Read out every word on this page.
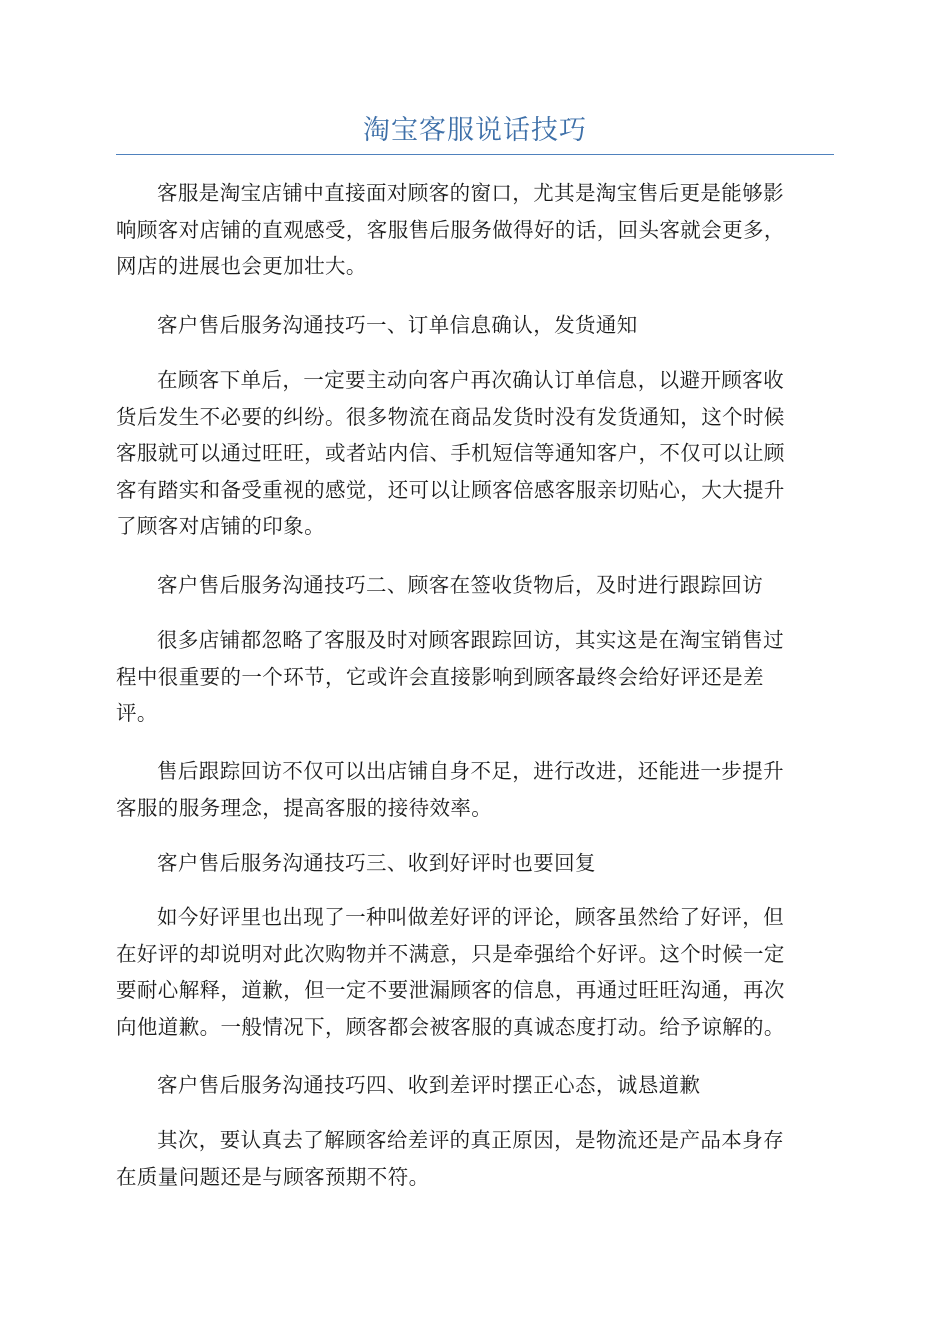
淘宝客服说话技巧

客服是淘宝店铺中直接面对顾客的窗口，尤其是淘宝售后更是能够影
响顾客对店铺的直观感受，客服售后服务做得好的话，回头客就会更多，
网店的进展也会更加壮大。

客户售后服务沟通技巧一、订单信息确认，发货通知

在顾客下单后，一定要主动向客户再次确认订单信息，以避开顾客收
货后发生不必要的纠纷。很多物流在商品发货时没有发货通知，这个时候
客服就可以通过旺旺，或者站内信、手机短信等通知客户，不仅可以让顾
客有踏实和备受重视的感觉，还可以让顾客倍感客服亲切贴心，大大提升
了顾客对店铺的印象。

客户售后服务沟通技巧二、顾客在签收货物后，及时进行跟踪回访

很多店铺都忽略了客服及时对顾客跟踪回访，其实这是在淘宝销售过
程中很重要的一个环节，它或许会直接影响到顾客最终会给好评还是差
评。

售后跟踪回访不仅可以出店铺自身不足，进行改进，还能进一步提升
客服的服务理念，提高客服的接待效率。

客户售后服务沟通技巧三、收到好评时也要回复

如今好评里也出现了一种叫做差好评的评论，顾客虽然给了好评，但
在好评的却说明对此次购物并不满意，只是牵强给个好评。这个时候一定
要耐心解释，道歉，但一定不要泄漏顾客的信息，再通过旺旺沟通，再次
向他道歉。一般情况下，顾客都会被客服的真诚态度打动。给予谅解的。

客户售后服务沟通技巧四、收到差评时摆正心态，诚恳道歉

其次，要认真去了解顾客给差评的真正原因，是物流还是产品本身存
在质量问题还是与顾客预期不符。
